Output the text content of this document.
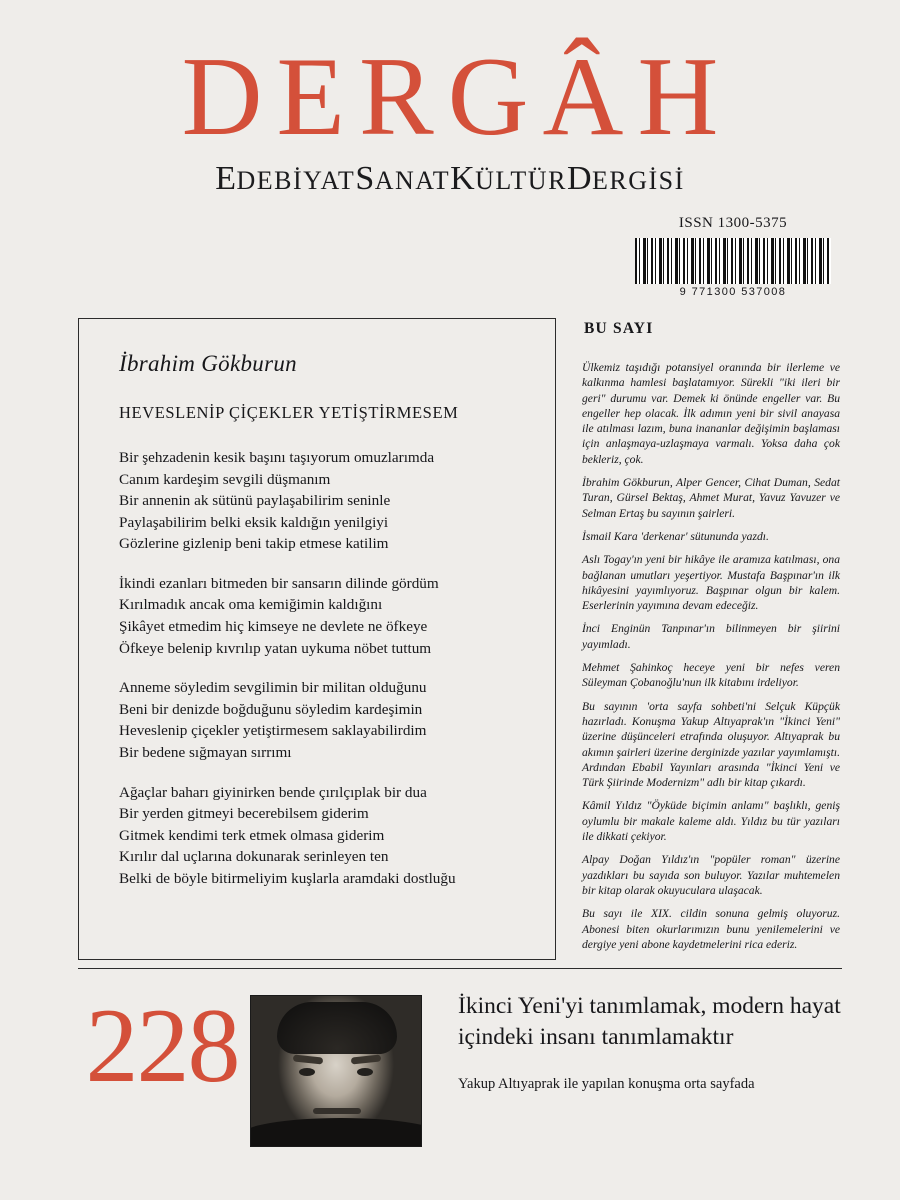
DERGÂH
EDEBİYATSANATKÜLTÜRDERGİSİ
ISSN 1300-5375
9 771300 537008
İbrahim Gökburun
HEVESLENİP ÇİÇEKLER YETİŞTİRMESEM
Bir şehzadenin kesik başını taşıyorum omuzlarımda
Canım kardeşim sevgili düşmanım
Bir annenin ak sütünü paylaşabilirim seninle
Paylaşabilirim belki eksik kaldığın yenilgiyi
Gözlerine gizlenip beni takip etmese katilim
İkindi ezanları bitmeden bir sansarın dilinde gördüm
Kırılmadık ancak oma kemiğimin kaldığını
Şikâyet etmedim hiç kimseye ne devlete ne öfkeye
Öfkeye belenip kıvrılıp yatan uykuma nöbet tuttum
Anneme söyledim sevgilimin bir militan olduğunu
Beni bir denizde boğduğunu söyledim kardeşimin
Heveslenip çiçekler yetiştirmesem saklayabilirdim
Bir bedene sığmayan sırrımı
Ağaçlar baharı giyinirken bende çırılçıplak bir dua
Bir yerden gitmeyi becerebilsem giderim
Gitmek kendimi terk etmek olmasa giderim
Kırılır dal uçlarına dokunarak serinleyen ten
Belki de böyle bitirmeliyim kuşlarla aramdaki dostluğu
BU SAYI

Ülkemiz taşıdığı potansiyel oranında bir ilerleme ve kalkınma hamlesi başlatamıyor. Sürekli "iki ileri bir geri" durumu var. Demek ki önünde engeller var. Bu engeller hep olacak. İlk adımın yeni bir sivil anayasa ile atılması lazım, buna inananlar değişimin başlaması için anlaşmaya-uzlaşmaya varmalı. Yoksa daha çok bekleriz, çok.

İbrahim Gökburun, Alper Gencer, Cihat Duman, Sedat Turan, Gürsel Bektaş, Ahmet Murat, Yavuz Yavuzer ve Selman Ertaş bu sayının şairleri.

İsmail Kara 'derkenar' sütununda yazdı.

Aslı Togay'ın yeni bir hikâye ile aramıza katılması, ona bağlanan umutları yeşertiyor. Mustafa Başpınar'ın ilk hikâyesini yayımlıyoruz. Başpınar olgun bir kalem. Eserlerinin yayımına devam edeceğiz.

İnci Enginün Tanpınar'ın bilinmeyen bir şiirini yayımladı.

Mehmet Şahinkoç heceye yeni bir nefes veren Süleyman Çobanoğlu'nun ilk kitabını irdeliyor.

Bu sayının 'orta sayfa sohbeti'ni Selçuk Küpçük hazırladı. Konuşma Yakup Altıyaprak'ın "İkinci Yeni" üzerine düşünceleri etrafında oluşuyor. Altıyaprak bu akımın şairleri üzerine derginizde yazılar yayımlamıştı. Ardından Ebabil Yayınları arasında "İkinci Yeni ve Türk Şiirinde Modernizm" adlı bir kitap çıkardı.

Kâmil Yıldız "Öyküde biçimin anlamı" başlıklı, geniş oylumlu bir makale kaleme aldı. Yıldız bu tür yazıları ile dikkati çekiyor.

Alpay Doğan Yıldız'ın "popüler roman" üzerine yazdıkları bu sayıda son buluyor. Yazılar muhtemelen bir kitap olarak okuyuculara ulaşacak.

Bu sayı ile XIX. cildin sonuna gelmiş oluyoruz. Abonesi biten okurlarımızın bunu yenilemelerini ve dergiye yeni abone kaydetmelerini rica ederiz.

228	İkinci Yeni'yi tanımlamak, modern hayat içindeki insanı tanımlamaktır

Yakup Altıyaprak ile yapılan konuşma orta sayfada
